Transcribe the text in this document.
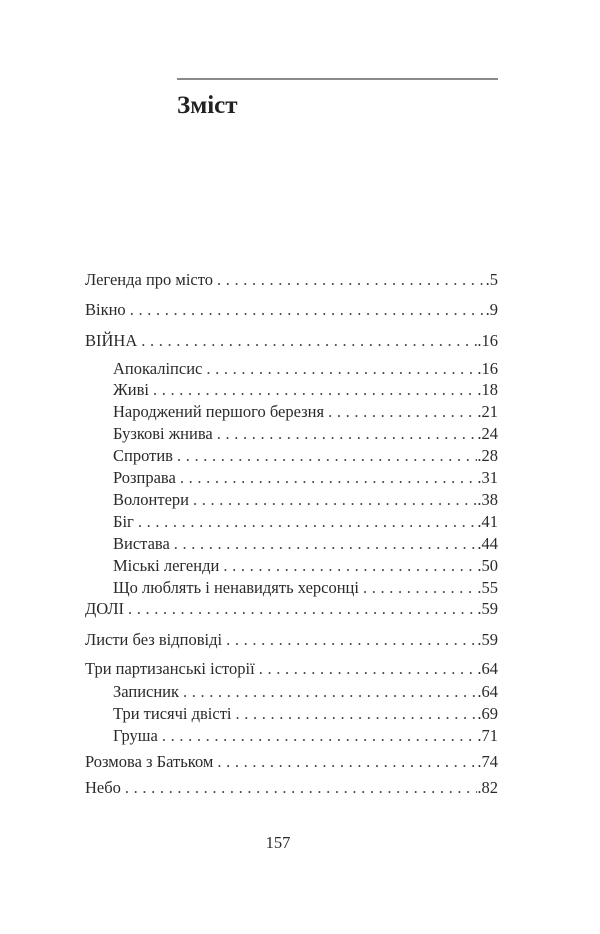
Зміст
Легенда про місто . . .	.5
Вікно . . .	.9
ВІЙНА . . .	.16
Апокаліпсис . . .	.16
Живі . . .	.18
Народжений першого березня . . .	.21
Бузкові жнива . . .	.24
Спротив . . .	.28
Розправа . . .	.31
Волонтери . . .	.38
Біг . . .	.41
Вистава . . .	.44
Міські легенди . . .	.50
Що люблять і ненавидять херсонці . . .	.55
ДОЛІ . . .	.59
Листи без відповіді . . .	.59
Три партизанські історії . . .	.64
Записник . . .	.64
Три тисячі двісті . . .	.69
Груша . . .	.71
Розмова з Батьком . . .	.74
Небо . . .	.82
157
